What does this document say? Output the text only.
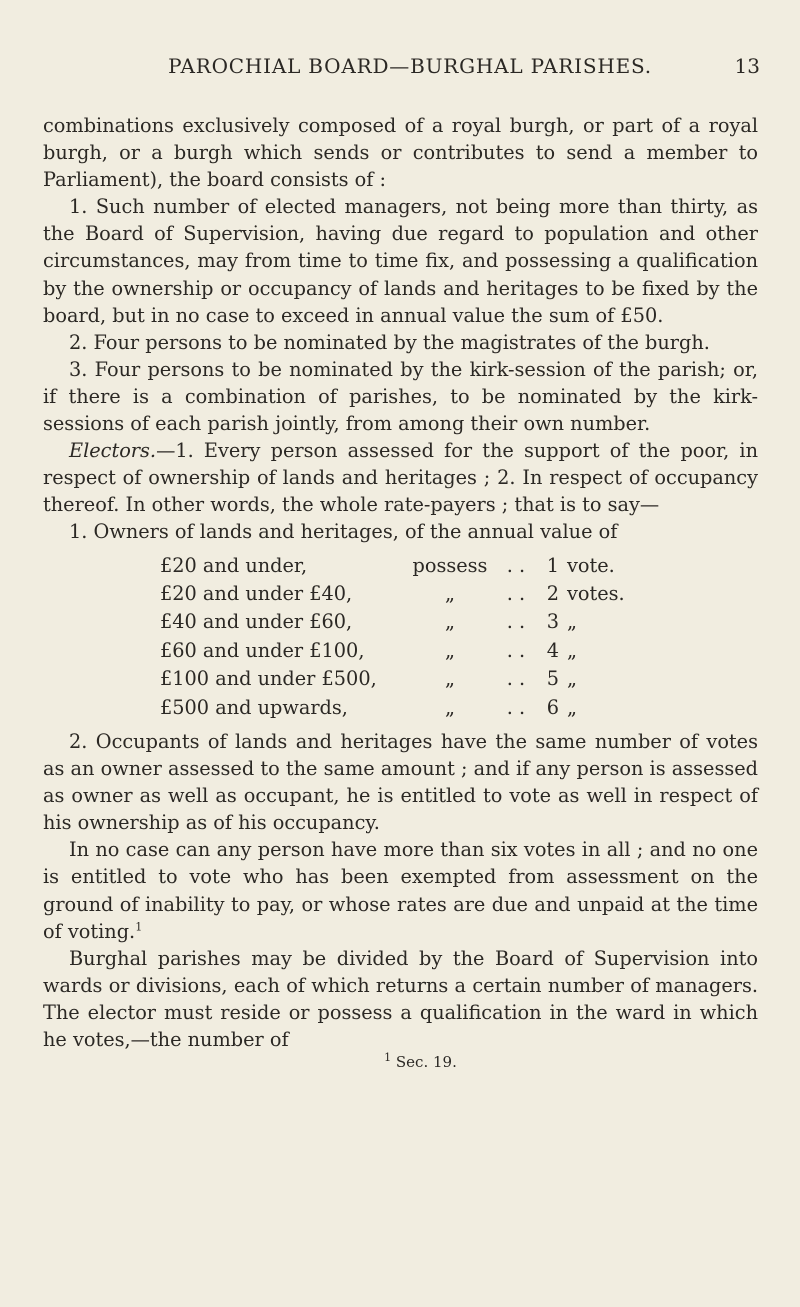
PAROCHIAL BOARD—BURGHAL PARISHES.	13

combinations exclusively composed of a royal burgh, or part of a royal burgh, or a burgh which sends or contributes to send a member to Parliament), the board consists of :

1. Such number of elected managers, not being more than thirty, as the Board of Supervision, having due regard to population and other circumstances, may from time to time fix, and possessing a qualification by the ownership or occupancy of lands and heritages to be fixed by the board, but in no case to exceed in annual value the sum of £50.

2. Four persons to be nominated by the magistrates of the burgh.

3. Four persons to be nominated by the kirk-session of the parish; or, if there is a combination of parishes, to be nominated by the kirk-sessions of each parish jointly, from among their own number.

Electors.—1. Every person assessed for the support of the poor, in respect of ownership of lands and heritages ; 2. In respect of occupancy thereof. In other words, the whole rate-payers ; that is to say—

1. Owners of lands and heritages, of the annual value of

£20 and under,	possess	. .	1	vote.
£20 and under £40,	„	. .	2	votes.
£40 and under £60,	„	. .	3	„
£60 and under £100,	„	. .	4	„
£100 and under £500,	„	. .	5	„
£500 and upwards,	„	. .	6	„

2. Occupants of lands and heritages have the same number of votes as an owner assessed to the same amount ; and if any person is assessed as owner as well as occupant, he is entitled to vote as well in respect of his ownership as of his occupancy.

In no case can any person have more than six votes in all ; and no one is entitled to vote who has been exempted from assessment on the ground of inability to pay, or whose rates are due and unpaid at the time of voting.$^1$

Burghal parishes may be divided by the Board of Supervision into wards or divisions, each of which returns a certain number of managers. The elector must reside or possess a qualification in the ward in which he votes,—the number of

$^1$ Sec. 19.
